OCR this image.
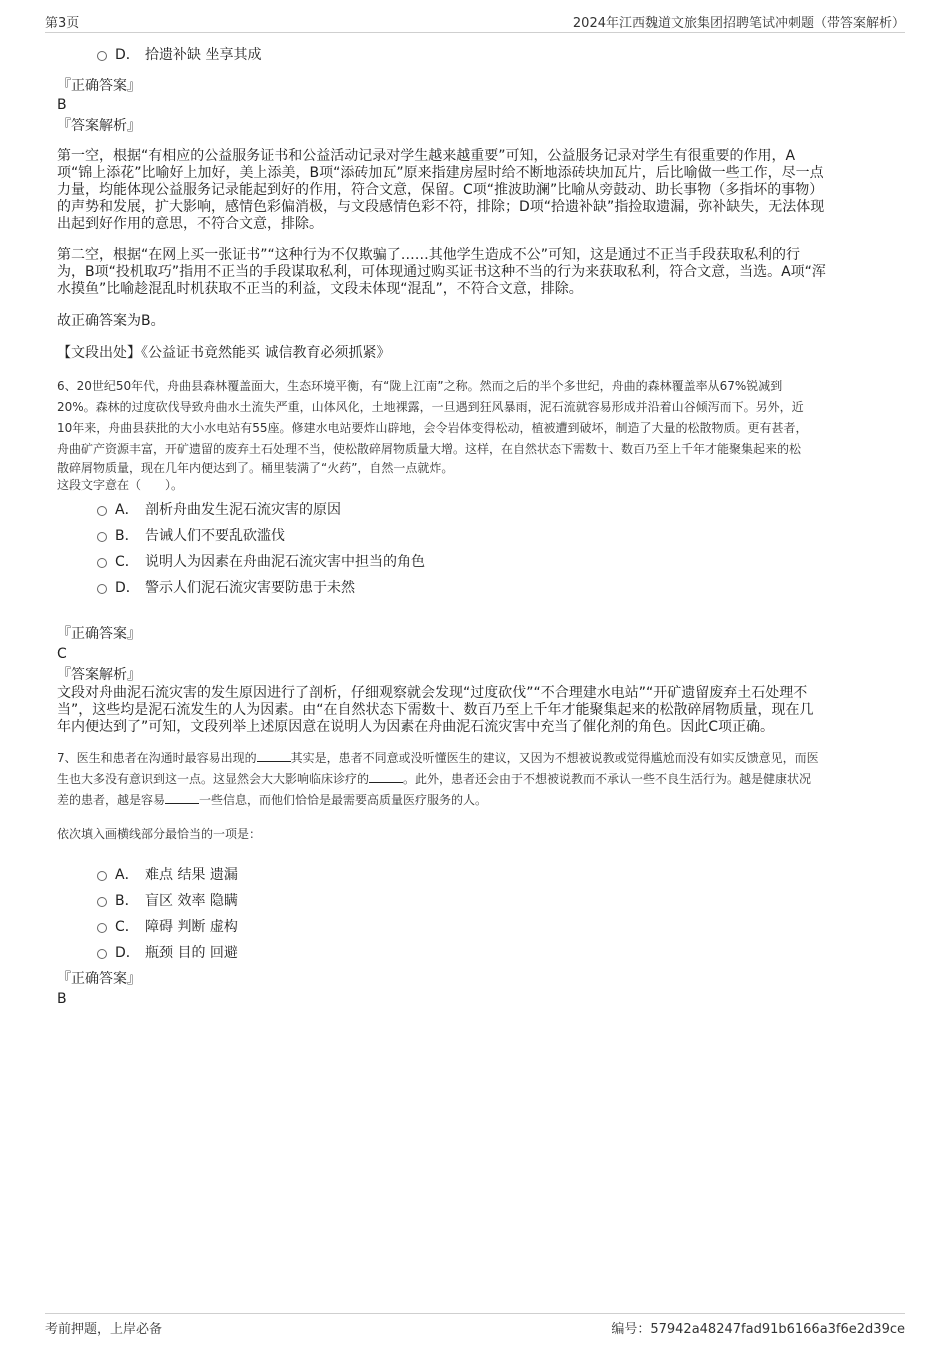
第3页	2024年江西魏道文旅集团招聘笔试冲刺题（带答案解析）
D． 拾遗补缺 坐享其成
『正确答案』
B
『答案解析』
第一空，根据“有相应的公益服务证书和公益活动记录对学生越来越重要”可知，公益服务记录对学生有很重要的作用，A
项“锦上添花”比喻好上加好，美上添美，B项“添砖加瓦”原来指建房屋时给不断地添砖块加瓦片，后比喻做一些工作，尽一点
力量，均能体现公益服务记录能起到好的作用，符合文意，保留。C项“推波助澜”比喻从旁鼓动、助长事物（多指坏的事物）
的声势和发展，扩大影响，感情色彩偏消极，与文段感情色彩不符，排除；D项“拾遗补缺”指捡取遗漏，弥补缺失，无法体现
出起到好作用的意思，不符合文意，排除。
第二空，根据“在网上买一张证书”“这种行为不仅欺骗了……其他学生造成不公”可知，这是通过不正当手段获取私利的行
为，B项“投机取巧”指用不正当的手段谋取私利，可体现通过购买证书这种不当的行为来获取私利，符合文意，当选。A项“浑
水摸鱼”比喻趁混乱时机获取不正当的利益，文段未体现“混乱”，不符合文意，排除。
故正确答案为B。
【文段出处】《公益证书竟然能买 诚信教育必须抓紧》
6、20世纪50年代，舟曲县森林覆盖面大，生态环境平衡，有“陇上江南”之称。然而之后的半个多世纪，舟曲的森林覆盖率从67%锐减到
20%。森林的过度砍伐导致舟曲水土流失严重，山体风化，土地裸露，一旦遇到狂风暴雨，泥石流就容易形成并沿着山谷倾泻而下。另外，近
10年来，舟曲县获批的大小水电站有55座。修建水电站要炸山辟地，会令岩体变得松动，植被遭到破坏，制造了大量的松散物质。更有甚者，
舟曲矿产资源丰富，开矿遗留的废弃土石处理不当，使松散碎屑物质量大增。这样，在自然状态下需数十、数百乃至上千年才能聚集起来的松
散碎屑物质量，现在几年内便达到了。桶里装满了“火药”，自然一点就炸。
这段文字意在（　　）。
A． 剖析舟曲发生泥石流灾害的原因
B． 告诫人们不要乱砍滥伐
C． 说明人为因素在舟曲泥石流灾害中担当的角色
D． 警示人们泥石流灾害要防患于未然
『正确答案』
C
『答案解析』
文段对舟曲泥石流灾害的发生原因进行了剖析，仔细观察就会发现“过度砍伐”“不合理建水电站”“开矿遗留废弃土石处理不
当”，这些均是泥石流发生的人为因素。由“在自然状态下需数十、数百乃至上千年才能聚集起来的松散碎屑物质量，现在几
年内便达到了”可知，文段列举上述原因意在说明人为因素在舟曲泥石流灾害中充当了催化剂的角色。因此C项正确。
7、医生和患者在沟通时最容易出现的	其实是，患者不同意或没听懂医生的建议，又因为不想被说教或觉得尴尬而没有如实反馈意见，而医
生也大多没有意识到这一点。这显然会大大影响临床诊疗的	。此外，患者还会由于不想被说教而不承认一些不良生活行为。越是健康状况
差的患者，越是容易	一些信息，而他们恰恰是最需要高质量医疗服务的人。
依次填入画横线部分最恰当的一项是：
A． 难点 结果 遗漏
B． 盲区 效率 隐瞒
C． 障碍 判断 虚构
D． 瓶颈 目的 回避
『正确答案』
B
考前押题，上岸必备	编号：57942a48247fad91b6166a3f6e2d39ce
